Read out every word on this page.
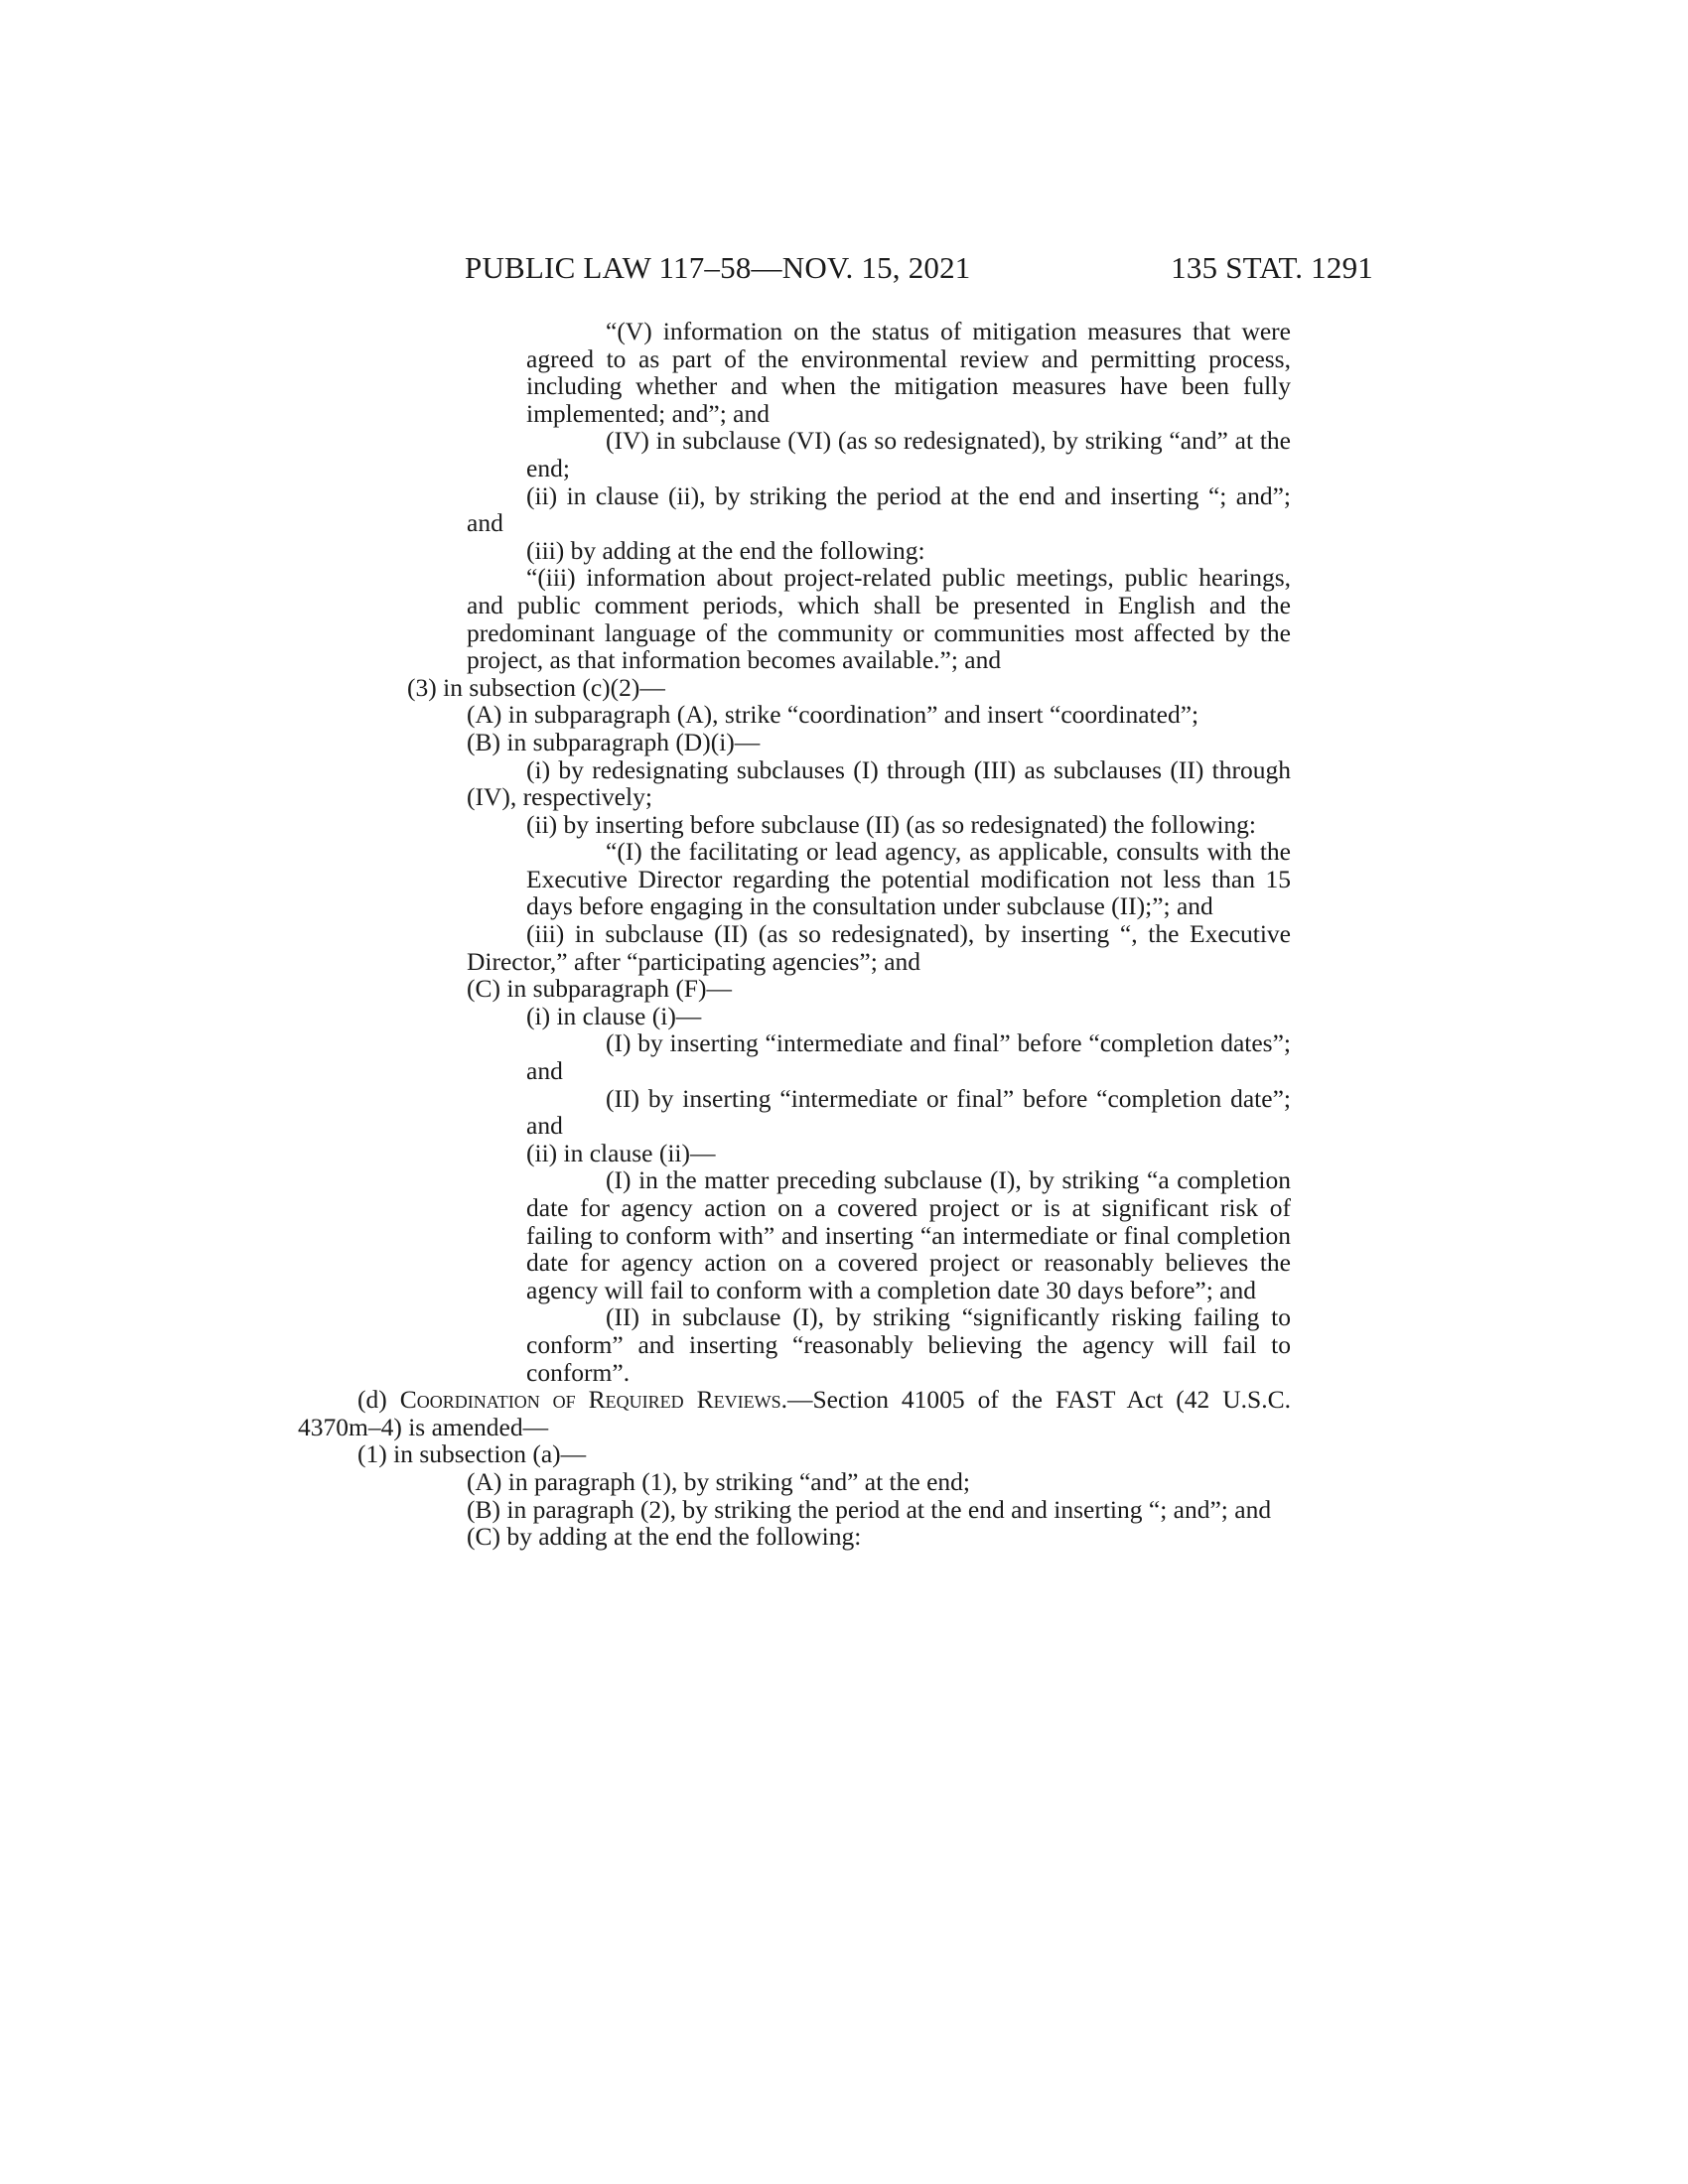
PUBLIC LAW 117–58—NOV. 15, 2021	135 STAT. 1291

“(V) information on the status of mitigation measures that were agreed to as part of the environmental review and permitting process, including whether and when the mitigation measures have been fully implemented; and”; and

(IV) in subclause (VI) (as so redesignated), by striking “and” at the end;

(ii) in clause (ii), by striking the period at the end and inserting “; and”; and

(iii) by adding at the end the following:

“(iii) information about project-related public meetings, public hearings, and public comment periods, which shall be presented in English and the predominant language of the community or communities most affected by the project, as that information becomes available.”; and

(3) in subsection (c)(2)—

(A) in subparagraph (A), strike “coordination” and insert “coordinated”;

(B) in subparagraph (D)(i)—

(i) by redesignating subclauses (I) through (III) as subclauses (II) through (IV), respectively;

(ii) by inserting before subclause (II) (as so redesignated) the following:

“(I) the facilitating or lead agency, as applicable, consults with the Executive Director regarding the potential modification not less than 15 days before engaging in the consultation under subclause (II);”; and

(iii) in subclause (II) (as so redesignated), by inserting “, the Executive Director,” after “participating agencies”; and

(C) in subparagraph (F)—

(i) in clause (i)—

(I) by inserting “intermediate and final” before “completion dates”; and

(II) by inserting “intermediate or final” before “completion date”; and

(ii) in clause (ii)—

(I) in the matter preceding subclause (I), by striking “a completion date for agency action on a covered project or is at significant risk of failing to conform with” and inserting “an intermediate or final completion date for agency action on a covered project or reasonably believes the agency will fail to conform with a completion date 30 days before”; and

(II) in subclause (I), by striking “significantly risking failing to conform” and inserting “reasonably believing the agency will fail to conform”.

(d) Coordination of Required Reviews.—Section 41005 of the FAST Act (42 U.S.C. 4370m–4) is amended—

(1) in subsection (a)—

(A) in paragraph (1), by striking “and” at the end;

(B) in paragraph (2), by striking the period at the end and inserting “; and”; and

(C) by adding at the end the following:
